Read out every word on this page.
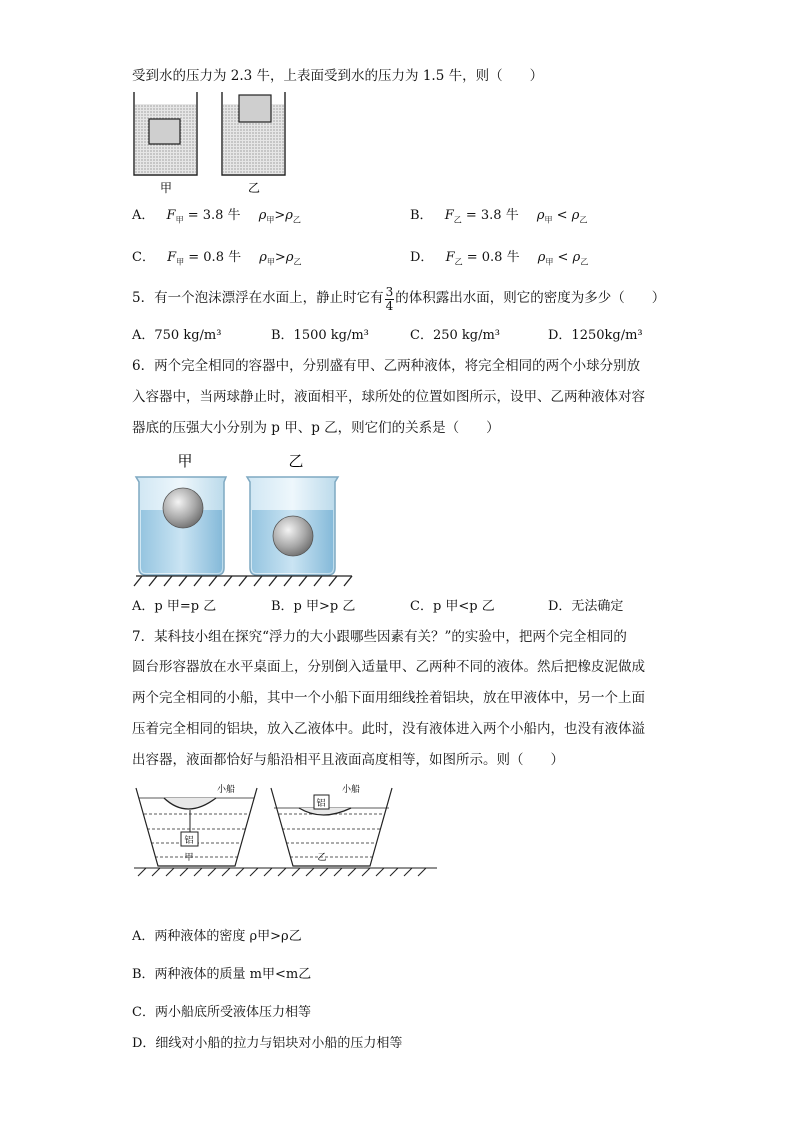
受到水的压力为 2.3 牛，上表面受到水的压力为 1.5 牛，则（　　）
甲	乙
A． $F_甲 = 3.8$ 牛 $\rho_甲>\rho_乙$	B． $F_乙 = 3.8$ 牛 $\rho_甲 < \rho_乙$
C． $F_甲 = 0.8$ 牛 $\rho_甲>\rho_乙$	D． $F_乙 = 0.8$ 牛 $\rho_甲 < \rho_乙$
5．有一个泡沫漂浮在水面上，静止时它有 $\frac{3}{4}$ 的体积露出水面，则它的密度为多少（　　）
A．750 kg/m³	B．1500 kg/m³	C．250 kg/m³	D．1250kg/m³
6．两个完全相同的容器中，分别盛有甲、乙两种液体，将完全相同的两个小球分别放
入容器中，当两球静止时，液面相平，球所处的位置如图所示，设甲、乙两种液体对容
器底的压强大小分别为 p 甲、p 乙，则它们的关系是（　　）
甲	乙
A．p 甲=p 乙	B．p 甲>p 乙	C．p 甲<p 乙	D．无法确定
7．某科技小组在探究“浮力的大小跟哪些因素有关？”的实验中，把两个完全相同的
圆台形容器放在水平桌面上，分别倒入适量甲、乙两种不同的液体。然后把橡皮泥做成
两个完全相同的小船，其中一个小船下面用细线拴着铝块，放在甲液体中，另一个上面
压着完全相同的铝块，放入乙液体中。此时，没有液体进入两个小船内，也没有液体溢
出容器，液面都恰好与船沿相平且液面高度相等，如图所示。则（　　）
小船
铝
甲
小船
铝
乙
A．两种液体的密度 ρ甲>ρ乙
B．两种液体的质量 m甲<m乙
C．两小船底所受液体压力相等
D．细线对小船的拉力与铝块对小船的压力相等
